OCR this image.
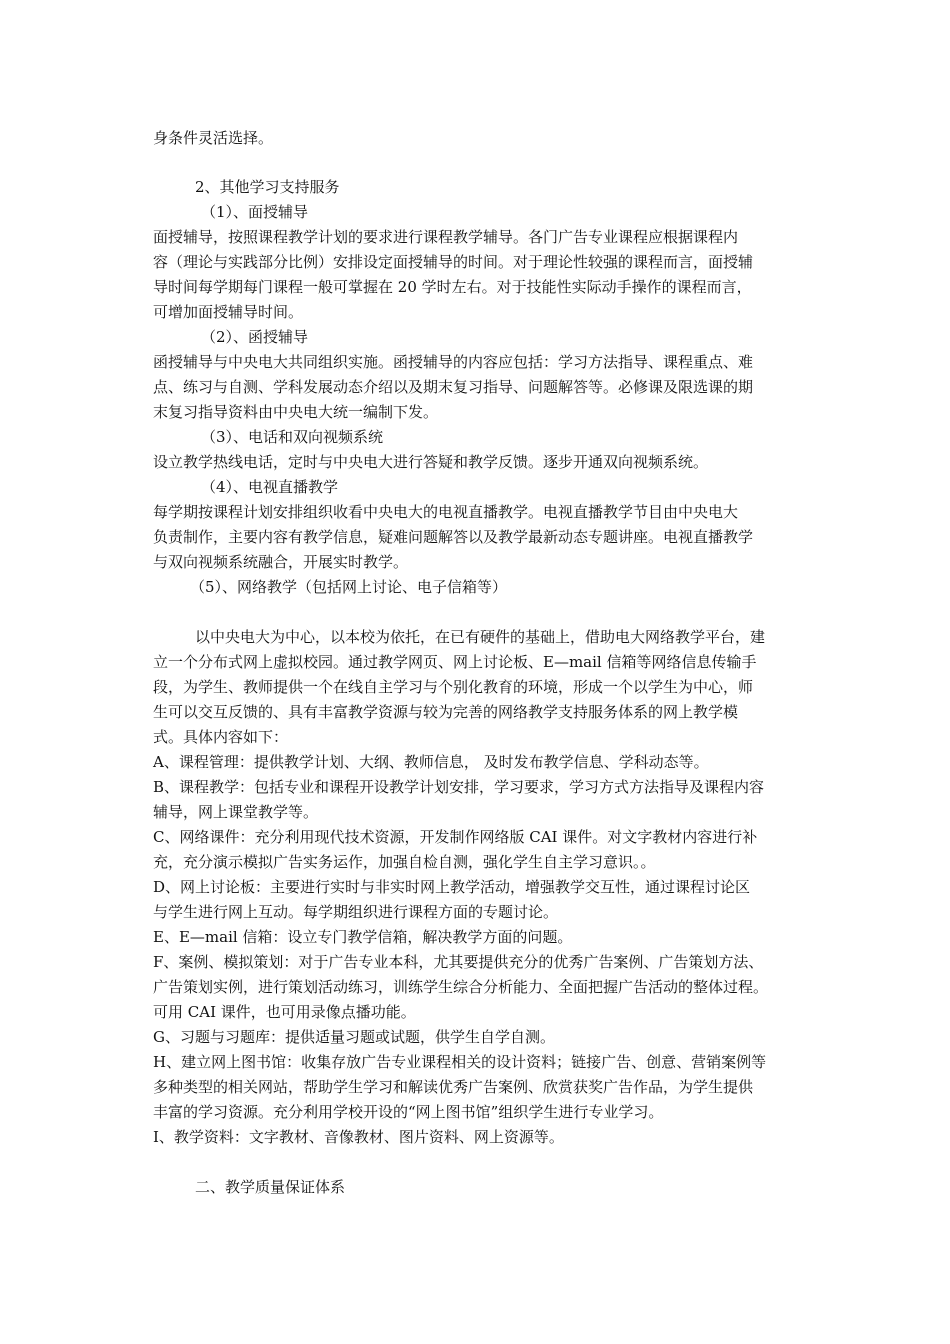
身条件灵活选择。
2、其他学习支持服务
（1）、面授辅导
面授辅导，按照课程教学计划的要求进行课程教学辅导。各门广告专业课程应根据课程内
容（理论与实践部分比例）安排设定面授辅导的时间。对于理论性较强的课程而言，面授辅
导时间每学期每门课程一般可掌握在 20 学时左右。对于技能性实际动手操作的课程而言，
可增加面授辅导时间。
（2）、函授辅导
函授辅导与中央电大共同组织实施。函授辅导的内容应包括：学习方法指导、课程重点、难
点、练习与自测、学科发展动态介绍以及期末复习指导、问题解答等。必修课及限选课的期
末复习指导资料由中央电大统一编制下发。
（3）、电话和双向视频系统
设立教学热线电话，定时与中央电大进行答疑和教学反馈。逐步开通双向视频系统。
（4）、电视直播教学
每学期按课程计划安排组织收看中央电大的电视直播教学。电视直播教学节目由中央电大
负责制作，主要内容有教学信息，疑难问题解答以及教学最新动态专题讲座。电视直播教学
与双向视频系统融合，开展实时教学。
（5）、网络教学（包括网上讨论、电子信箱等）
以中央电大为中心，以本校为依托，在已有硬件的基础上，借助电大网络教学平台，建
立一个分布式网上虚拟校园。通过教学网页、网上讨论板、E—mail 信箱等网络信息传输手
段，为学生、教师提供一个在线自主学习与个别化教育的环境，形成一个以学生为中心，师
生可以交互反馈的、具有丰富教学资源与较为完善的网络教学支持服务体系的网上教学模
式。具体内容如下：
A、课程管理：提供教学计划、大纲、教师信息， 及时发布教学信息、学科动态等。
B、课程教学：包括专业和课程开设教学计划安排，学习要求，学习方式方法指导及课程内容
辅导，网上课堂教学等。
C、网络课件：充分利用现代技术资源，开发制作网络版 CAI 课件。对文字教材内容进行补
充，充分演示模拟广告实务运作，加强自检自测，强化学生自主学习意识。。
D、网上讨论板：主要进行实时与非实时网上教学活动，增强教学交互性，通过课程讨论区
与学生进行网上互动。每学期组织进行课程方面的专题讨论。
E、E—mail 信箱：设立专门教学信箱，解决教学方面的问题。
F、案例、模拟策划：对于广告专业本科，尤其要提供充分的优秀广告案例、广告策划方法、
广告策划实例，进行策划活动练习，训练学生综合分析能力、全面把握广告活动的整体过程。
可用 CAI 课件，也可用录像点播功能。
G、习题与习题库：提供适量习题或试题，供学生自学自测。
H、建立网上图书馆：收集存放广告专业课程相关的设计资料；链接广告、创意、营销案例等
多种类型的相关网站，帮助学生学习和解读优秀广告案例、欣赏获奖广告作品，为学生提供
丰富的学习资源。充分利用学校开设的“网上图书馆”组织学生进行专业学习。
I、教学资料：文字教材、音像教材、图片资料、网上资源等。
二、教学质量保证体系
